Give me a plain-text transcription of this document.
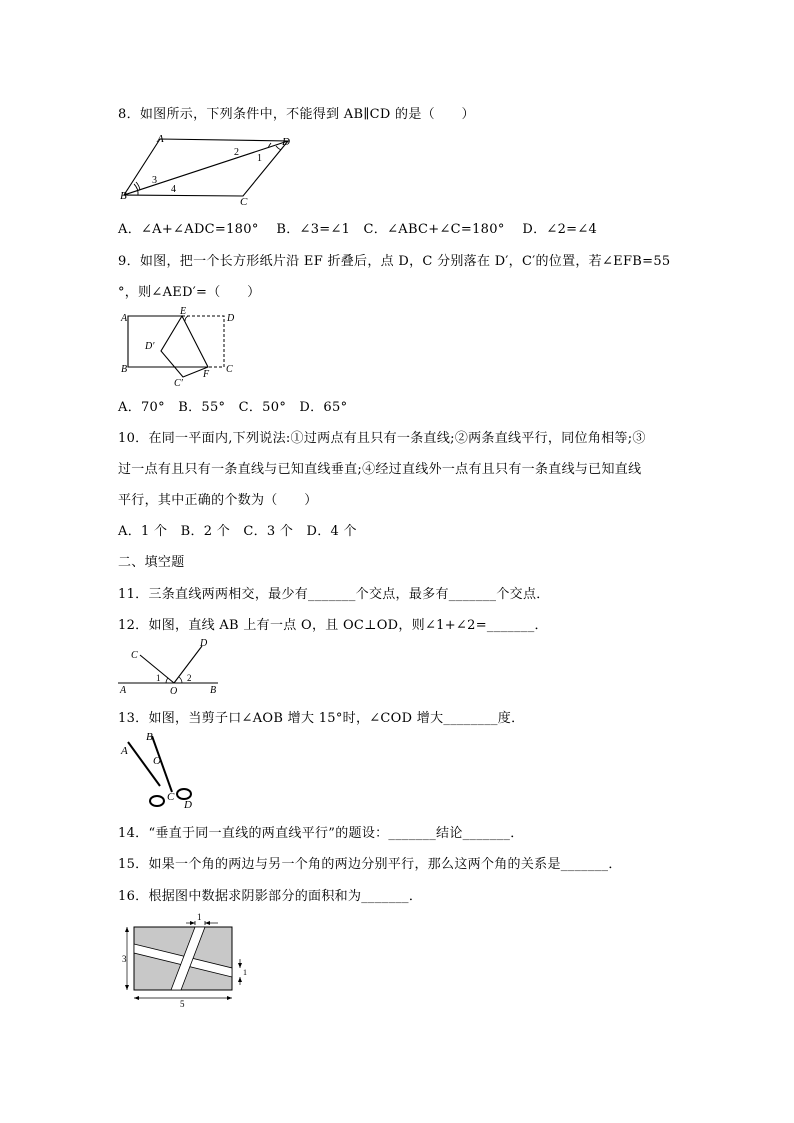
8．如图所示，下列条件中，不能得到 AB∥CD 的是（　　）
A	D
B	C
2
1
3
4
A．∠A+∠ADC=180°　 B．∠3=∠1　C．∠ABC+∠C=180°　 D．∠2=∠4
9．如图，把一个长方形纸片沿 EF 折叠后，点 D，C 分别落在 D′，C′的位置，若∠EFB=55
°，则∠AED′=（　　）
A	D
B	C
E
F
D′
C′
A．70°　B．55°　C．50°　D．65°
10．在同一平面内,下列说法:①过两点有且只有一条直线;②两条直线平行，同位角相等;③
过一点有且只有一条直线与已知直线垂直;④经过直线外一点有且只有一条直线与已知直线
平行，其中正确的个数为（　　）
A．1 个　B．2 个　C．3 个　D．4 个
二、填空题
11．三条直线两两相交，最少有_______个交点，最多有_______个交点．
12．如图，直线 AB 上有一点 O，且 OC⊥OD，则∠1+∠2=_______．
A	B
C
D
O
1	2
13．如图，当剪子口∠AOB 增大 15°时，∠COD 增大________度．
A
B
O
C
D
14．“垂直于同一直线的两直线平行”的题设：_______结论_______．
15．如果一个角的两边与另一个角的两边分别平行，那么这两个角的关系是_______．
16．根据图中数据求阴影部分的面积和为_______．
1
3
5
1
